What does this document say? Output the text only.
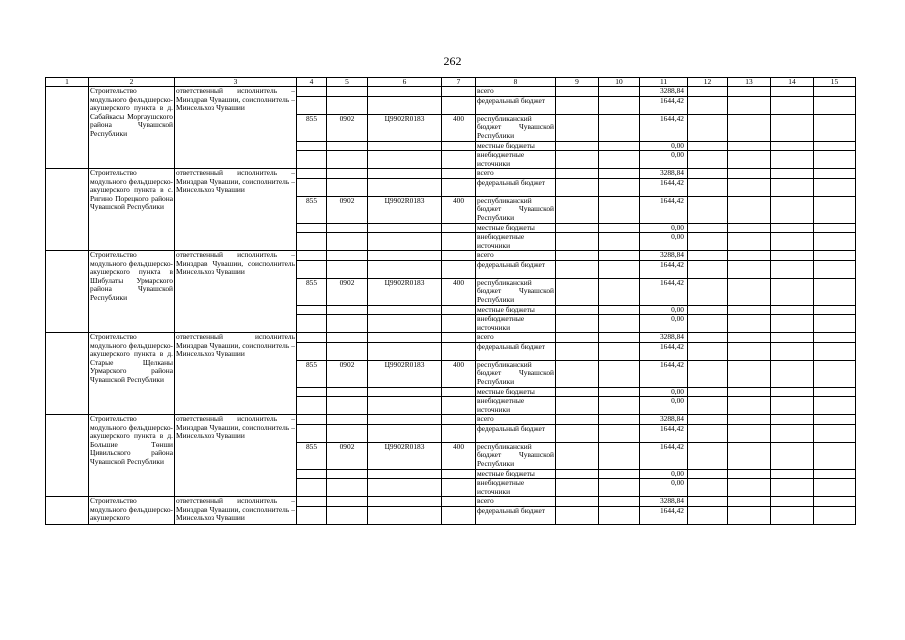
262
1	2	3	4	5	6	7	8	9	10	11	12	13	14	15
	Строительство модульного фельдшерско-акушерского пункта в д. Сабайкасы Моргаушского района Чувашской Республики	ответственный исполнитель – Минздрав Чувашии, соисполнитель – Минсельхоз Чувашии					всего			3288,84				
							федеральный бюджет			1644,42				
			855	0902	Ц9902R0183	400	республиканский бюджет Чувашской Республики			1644,42				
							местные бюджеты			0,00				
							внебюджетные источники			0,00				
	Строительство модульного фельдшерско-акушерского пункта в с. Ригино Порецкого района Чувашской Республики	ответственный исполнитель – Минздрав Чувашии, соисполнитель – Минсельхоз Чувашии					всего			3288,84				
							федеральный бюджет			1644,42				
			855	0902	Ц9902R0183	400	республиканский бюджет Чувашской Республики			1644,42				
							местные бюджеты			0,00				
							внебюджетные источники			0,00				
	Строительство модульного фельдшерско-акушерского пункта в Шибулаты Урмарского района Чувашской Республики	ответственный исполнитель – Минздрав Чувашии, соисполнитель Минсельхоз Чувашии					всего			3288,84				
							федеральный бюджет			1644,42				
			855	0902	Ц9902R0183	400	республиканский бюджет Чувашской Республики			1644,42				
							местные бюджеты			0,00				
							внебюджетные источники			0,00				
	Строительство модульного фельдшерско-акушерского пункта в д. Старые Щелканы Урмарского района Чувашской Республики	ответственный исполнитель Минздрав Чувашии, соисполнитель – Минсельхоз Чувашии					всего			3288,84				
							федеральный бюджет			1644,42				
			855	0902	Ц9902R0183	400	республиканский бюджет Чувашской Республики			1644,42				
							местные бюджеты			0,00				
							внебюджетные источники			0,00				
	Строительство модульного фельдшерско-акушерского пункта в д. Большие Төнши Цивильского района Чувашской Республики	ответственный исполнитель – Минздрав Чувашии, соисполнитель – Минсельхоз Чувашии					всего			3288,84				
							федеральный бюджет			1644,42				
			855	0902	Ц9902R0183	400	республиканский бюджет Чувашской Республики			1644,42				
							местные бюджеты			0,00				
							внебюджетные источники			0,00				
	Строительство модульного фельдшерско-акушерского	ответственный исполнитель – Минздрав Чувашии, соисполнитель – Минсельхоз Чувашии					всего			3288,84				
							федеральный бюджет			1644,42				
